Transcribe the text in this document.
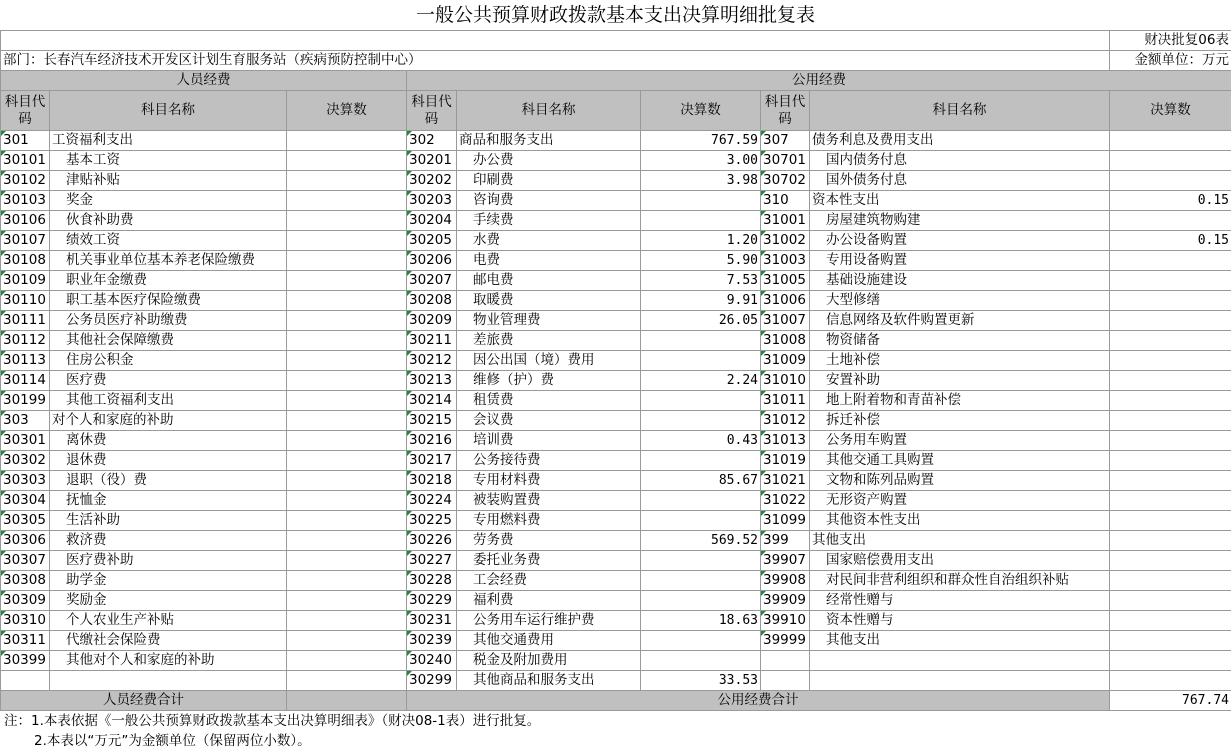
一般公共预算财政拨款基本支出决算明细批复表
								财决批复06表
部门：长春汽车经济技术开发区计划生育服务站（疾病预防控制中心）								金额单位：万元
人员经费			公用经费					
科目代码	科目名称	决算数	科目代码	科目名称	决算数	科目代码	科目名称	决算数
301	工资福利支出		302	商品和服务支出	767.59	307	债务利息及费用支出	
30101	基本工资		30201	办公费	3.00	30701	国内债务付息	
30102	津贴补贴		30202	印刷费	3.98	30702	国外债务付息	
30103	奖金		30203	咨询费		310	资本性支出	0.15
30106	伙食补助费		30204	手续费		31001	房屋建筑物购建	
30107	绩效工资		30205	水费	1.20	31002	办公设备购置	0.15
30108	机关事业单位基本养老保险缴费		30206	电费	5.90	31003	专用设备购置	
30109	职业年金缴费		30207	邮电费	7.53	31005	基础设施建设	
30110	职工基本医疗保险缴费		30208	取暖费	9.91	31006	大型修缮	
30111	公务员医疗补助缴费		30209	物业管理费	26.05	31007	信息网络及软件购置更新	
30112	其他社会保障缴费		30211	差旅费		31008	物资储备	
30113	住房公积金		30212	因公出国（境）费用		31009	土地补偿	
30114	医疗费		30213	维修（护）费	2.24	31010	安置补助	
30199	其他工资福利支出		30214	租赁费		31011	地上附着物和青苗补偿	
303	对个人和家庭的补助		30215	会议费		31012	拆迁补偿	
30301	离休费		30216	培训费	0.43	31013	公务用车购置	
30302	退休费		30217	公务接待费		31019	其他交通工具购置	
30303	退职（役）费		30218	专用材料费	85.67	31021	文物和陈列品购置	
30304	抚恤金		30224	被装购置费		31022	无形资产购置	
30305	生活补助		30225	专用燃料费		31099	其他资本性支出	
30306	救济费		30226	劳务费	569.52	399	其他支出	
30307	医疗费补助		30227	委托业务费		39907	国家赔偿费用支出	
30308	助学金		30228	工会经费		39908	对民间非营利组织和群众性自治组织补贴	
30309	奖励金		30229	福利费		39909	经常性赠与	
30310	个人农业生产补贴		30231	公务用车运行维护费	18.63	39910	资本性赠与	
30311	代缴社会保险费		30239	其他交通费用		39999	其他支出	
30399	其他对个人和家庭的补助		30240	税金及附加费用				
			30299	其他商品和服务支出	33.53			
人员经费合计			公用经费合计					767.74
注：1.本表依据《一般公共预算财政拨款基本支出决算明细表》（财决08-1表）进行批复。
2.本表以“万元”为金额单位（保留两位小数）。
